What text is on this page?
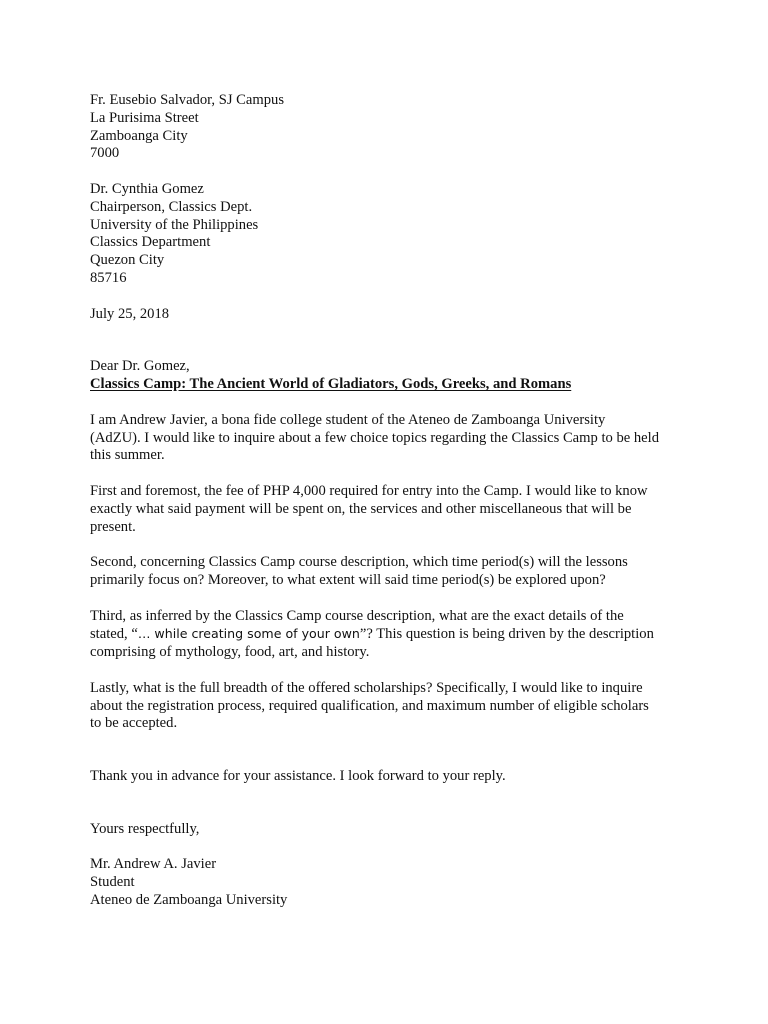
Fr. Eusebio Salvador, SJ Campus
La Purisima Street
Zamboanga City
7000
Dr. Cynthia Gomez
Chairperson, Classics Dept.
University of the Philippines
Classics Department
Quezon City
85716
July 25, 2018
Dear Dr. Gomez,
Classics Camp: The Ancient World of Gladiators, Gods, Greeks, and Romans
I am Andrew Javier, a bona fide college student of the Ateneo de Zamboanga University
(AdZU). I would like to inquire about a few choice topics regarding the Classics Camp to be held
this summer.
First and foremost, the fee of PHP 4,000 required for entry into the Camp. I would like to know
exactly what said payment will be spent on, the services and other miscellaneous that will be
present.
Second, concerning Classics Camp course description, which time period(s) will the lessons
primarily focus on? Moreover, to what extent will said time period(s) be explored upon?
Third, as inferred by the Classics Camp course description, what are the exact details of the
stated, “… while creating some of your own”? This question is being driven by the description
comprising of mythology, food, art, and history.
Lastly, what is the full breadth of the offered scholarships? Specifically, I would like to inquire
about the registration process, required qualification, and maximum number of eligible scholars
to be accepted.
Thank you in advance for your assistance. I look forward to your reply.
Yours respectfully,
Mr. Andrew A. Javier
Student
Ateneo de Zamboanga University
